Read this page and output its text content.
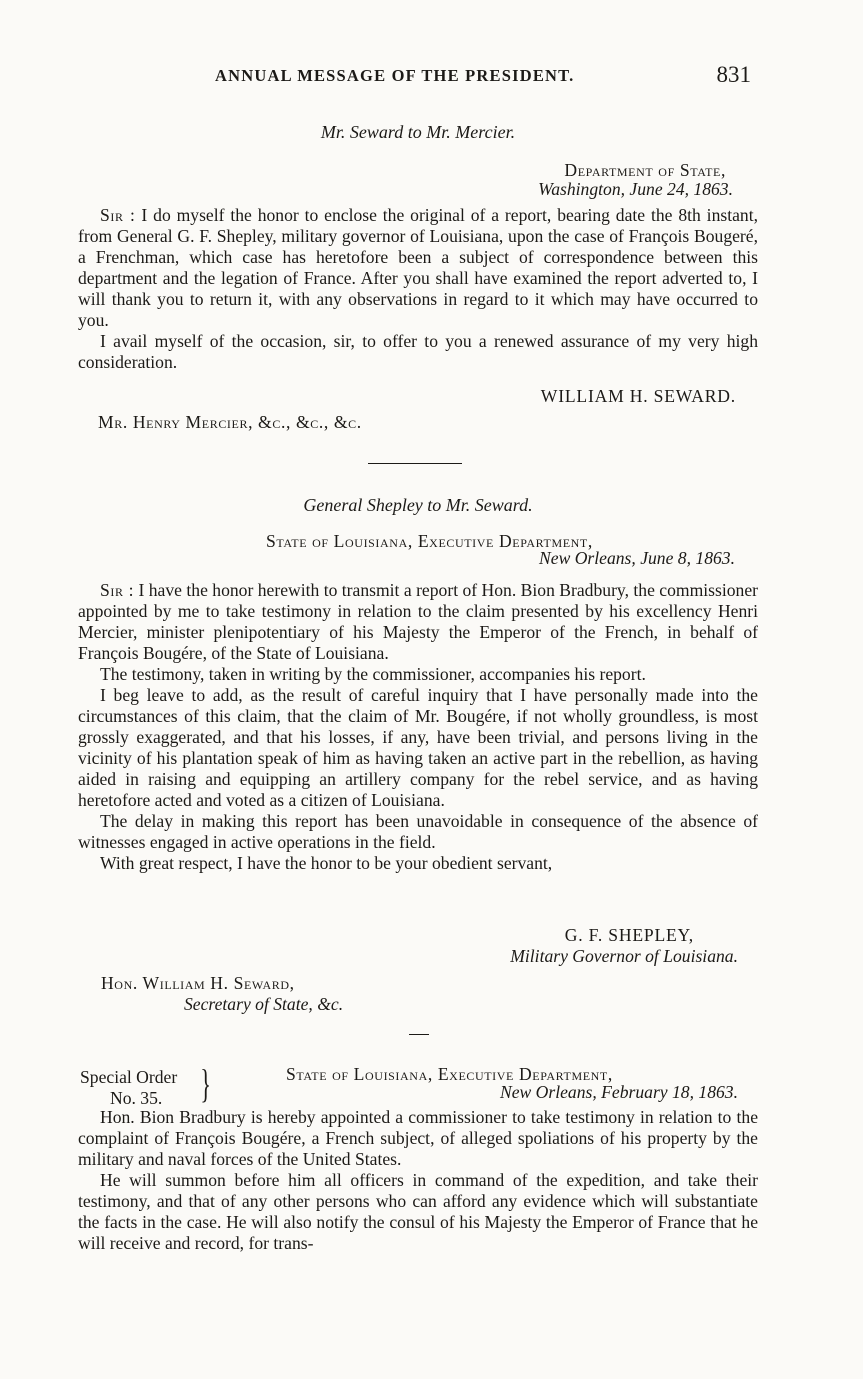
ANNUAL MESSAGE OF THE PRESIDENT.	831
Mr. Seward to Mr. Mercier.
Department of State,
Washington, June 24, 1863.

Sir : I do myself the honor to enclose the original of a report, bearing date the 8th instant, from General G. F. Shepley, military governor of Louisiana, upon the case of François Bougeré, a Frenchman, which case has heretofore been a subject of correspondence between this department and the legation of France. After you shall have examined the report adverted to, I will thank you to return it, with any observations in regard to it which may have occurred to you.

I avail myself of the occasion, sir, to offer to you a renewed assurance of my very high consideration.

WILLIAM H. SEWARD.
Mr. Henry Mercier, &c., &c., &c.
General Shepley to Mr. Seward.
State of Louisiana, Executive Department,
New Orleans, June 8, 1863.

Sir : I have the honor herewith to transmit a report of Hon. Bion Bradbury, the commissioner appointed by me to take testimony in relation to the claim presented by his excellency Henri Mercier, minister plenipotentiary of his Majesty the Emperor of the French, in behalf of François Bougére, of the State of Louisiana.

The testimony, taken in writing by the commissioner, accompanies his report.

I beg leave to add, as the result of careful inquiry that I have personally made into the circumstances of this claim, that the claim of Mr. Bougére, if not wholly groundless, is most grossly exaggerated, and that his losses, if any, have been trivial, and persons living in the vicinity of his plantation speak of him as having taken an active part in the rebellion, as having aided in raising and equipping an artillery company for the rebel service, and as having heretofore acted and voted as a citizen of Louisiana.

The delay in making this report has been unavoidable in consequence of the absence of witnesses engaged in active operations in the field.

With great respect, I have the honor to be your obedient servant,

G. F. SHEPLEY,
Military Governor of Louisiana.
Hon. William H. Seward,
Secretary of State, &c.
Special Order
No. 35. }	State of Louisiana, Executive Department,
New Orleans, February 18, 1863.

Hon. Bion Bradbury is hereby appointed a commissioner to take testimony in relation to the complaint of François Bougére, a French subject, of alleged spoliations of his property by the military and naval forces of the United States.

He will summon before him all officers in command of the expedition, and take their testimony, and that of any other persons who can afford any evidence which will substantiate the facts in the case. He will also notify the consul of his Majesty the Emperor of France that he will receive and record, for trans-
